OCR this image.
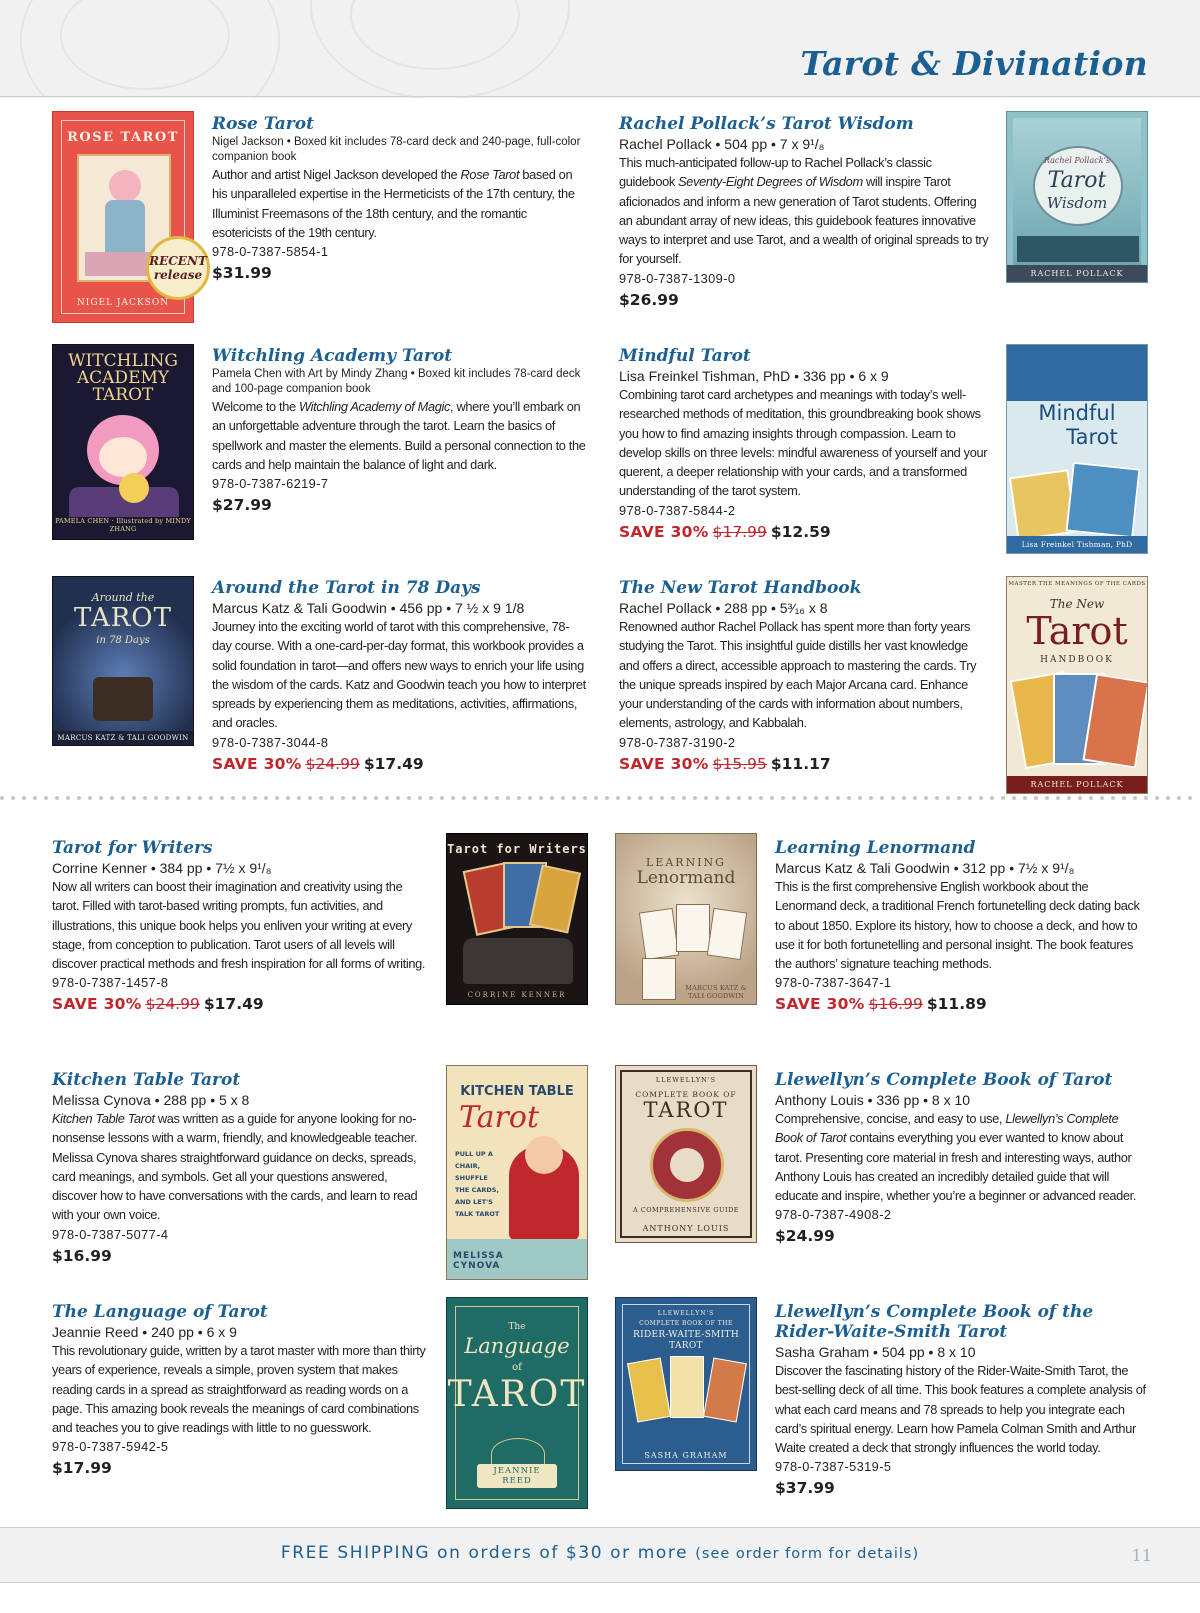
Tarot & Divination
ROSE TAROT
NIGEL JACKSON
RECENT
release
Rose Tarot
Nigel Jackson • Boxed kit includes 78-card deck and 240-page, full-color companion book
Author and artist Nigel Jackson developed the Rose Tarot based on his unparalleled expertise in the Hermeticists of the 17th century, the Illuminist Freemasons of the 18th century, and the romantic esotericists of the 19th century.
978-0-7387-5854-1
$31.99
Rachel Pollack’s Tarot Wisdom
Rachel Pollack • 504 pp • 7 x 9¹/₈
This much-anticipated follow-up to Rachel Pollack’s classic guidebook Seventy-Eight Degrees of Wisdom will inspire Tarot aficionados and inform a new generation of Tarot students. Offering an abundant array of new ideas, this guidebook features innovative ways to interpret and use Tarot, and a wealth of original spreads to try for yourself.
978-0-7387-1309-0
$26.99
Rachel Pollack’s
Tarot
Wisdom
RACHEL POLLACK
WITCHLING ACADEMY TAROT
PAMELA CHEN · Illustrated by MINDY ZHANG
Witchling Academy Tarot
Pamela Chen with Art by Mindy Zhang • Boxed kit includes 78-card deck and 100-page companion book
Welcome to the Witchling Academy of Magic, where you’ll embark on an unforgettable adventure through the tarot. Learn the basics of spellwork and master the elements. Build a personal connection to the cards and help maintain the balance of light and dark.
978-0-7387-6219-7
$27.99
Mindful Tarot
Lisa Freinkel Tishman, PhD • 336 pp • 6 x 9
Combining tarot card archetypes and meanings with today’s well-researched methods of meditation, this groundbreaking book shows you how to find amazing insights through compassion. Learn to develop skills on three levels: mindful awareness of yourself and your querent, a deeper relationship with your cards, and a transformed understanding of the tarot system.
978-0-7387-5844-2
SAVE 30% $17.99 $12.59
Mindful
Tarot
Lisa Freinkel Tishman, PhD
Around the
TAROT
in 78 Days
MARCUS KATZ & TALI GOODWIN
Around the Tarot in 78 Days
Marcus Katz & Tali Goodwin • 456 pp • 7 ½ x 9 1/8
Journey into the exciting world of tarot with this comprehensive, 78-day course. With a one-card-per-day format, this workbook provides a solid foundation in tarot—and offers new ways to enrich your life using the wisdom of the cards. Katz and Goodwin teach you how to interpret spreads by experiencing them as meditations, activities, affirmations, and oracles.
978-0-7387-3044-8
SAVE 30% $24.99 $17.49
The New Tarot Handbook
Rachel Pollack • 288 pp • 5³⁄₁₆ x 8
Renowned author Rachel Pollack has spent more than forty years studying the Tarot. This insightful guide distills her vast knowledge and offers a direct, accessible approach to mastering the cards. Try the unique spreads inspired by each Major Arcana card. Enhance your understanding of the cards with information about numbers, elements, astrology, and Kabbalah.
978-0-7387-3190-2
SAVE 30% $15.95 $11.17
MASTER THE MEANINGS OF THE CARDS
The New
Tarot
HANDBOOK
RACHEL POLLACK
Tarot for Writers
Corrine Kenner • 384 pp • 7½ x 9¹/₈
Now all writers can boost their imagination and creativity using the tarot. Filled with tarot-based writing prompts, fun activities, and illustrations, this unique book helps you enliven your writing at every stage, from conception to publication. Tarot users of all levels will discover practical methods and fresh inspiration for all forms of writing.
978-0-7387-1457-8
SAVE 30% $24.99 $17.49
Tarot for Writers
CORRINE KENNER
LEARNING
Lenormand
MARCUS KATZ & TALI GOODWIN
Learning Lenormand
Marcus Katz & Tali Goodwin • 312 pp • 7½ x 9¹/₈
This is the first comprehensive English workbook about the Lenormand deck, a traditional French fortunetelling deck dating back to about 1850. Explore its history, how to choose a deck, and how to use it for both fortunetelling and personal insight. The book features the authors’ signature teaching methods.
978-0-7387-3647-1
SAVE 30% $16.99 $11.89
Kitchen Table Tarot
Melissa Cynova • 288 pp • 5 x 8
Kitchen Table Tarot was written as a guide for anyone looking for no-nonsense lessons with a warm, friendly, and knowledgeable teacher. Melissa Cynova shares straightforward guidance on decks, spreads, card meanings, and symbols. Get all your questions answered, discover how to have conversations with the cards, and learn to read with your own voice.
978-0-7387-5077-4
$16.99
KITCHEN TABLE
Tarot
PULL UP A CHAIR, SHUFFLE THE CARDS, AND LET'S TALK TAROT
MELISSA CYNOVA
LLEWELLYN'S
COMPLETE BOOK OF
TAROT
A COMPREHENSIVE GUIDE
ANTHONY LOUIS
Llewellyn’s Complete Book of Tarot
Anthony Louis • 336 pp • 8 x 10
Comprehensive, concise, and easy to use, Llewellyn’s Complete Book of Tarot contains everything you ever wanted to know about tarot. Presenting core material in fresh and interesting ways, author Anthony Louis has created an incredibly detailed guide that will educate and inspire, whether you’re a beginner or advanced reader.
978-0-7387-4908-2
$24.99
The Language of Tarot
Jeannie Reed • 240 pp • 6 x 9
This revolutionary guide, written by a tarot master with more than thirty years of experience, reveals a simple, proven system that makes reading cards in a spread as straightforward as reading words on a page. This amazing book reveals the meanings of card combinations and teaches you to give readings with little to no guesswork.
978-0-7387-5942-5
$17.99
The
Language
of
TAROT
JEANNIE REED
LLEWELLYN'S
COMPLETE BOOK OF THE
RIDER-WAITE-SMITH TAROT
SASHA GRAHAM
Llewellyn’s Complete Book of the
Rider-Waite-Smith Tarot
Sasha Graham • 504 pp • 8 x 10
Discover the fascinating history of the Rider-Waite-Smith Tarot, the best-selling deck of all time. This book features a complete analysis of what each card means and 78 spreads to help you integrate each card’s spiritual energy. Learn how Pamela Colman Smith and Arthur Waite created a deck that strongly influences the world today.
978-0-7387-5319-5
$37.99
FREE SHIPPING on orders of $30 or more (see order form for details)	11
